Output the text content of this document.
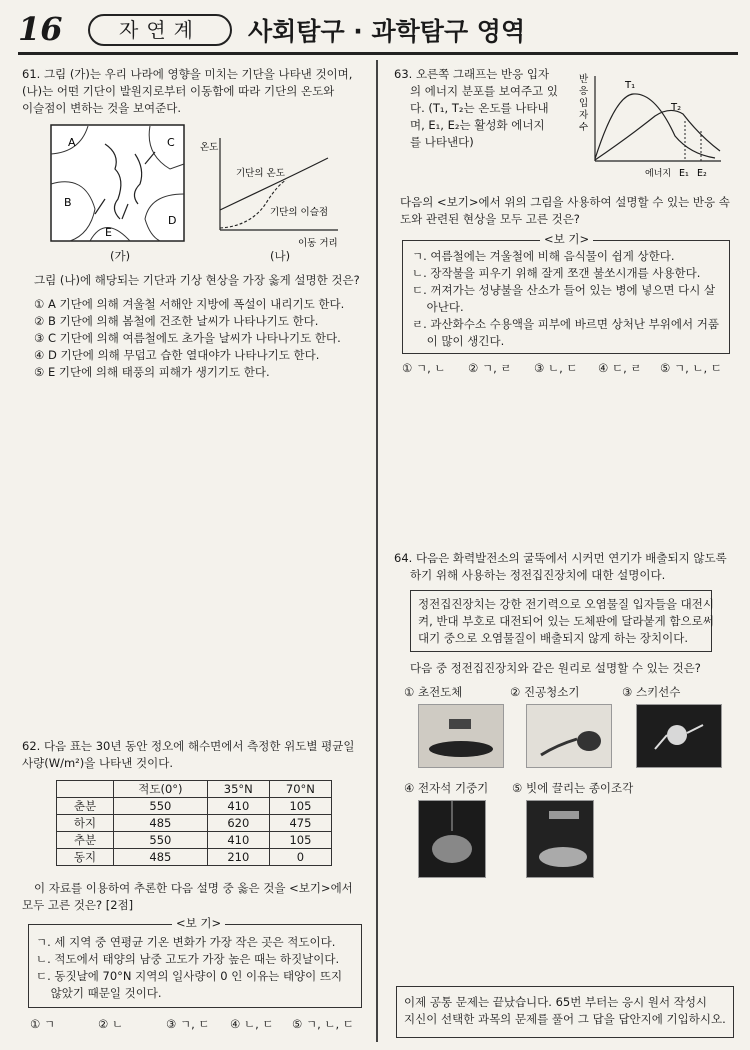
16	자연계	사회탐구 · 과학탐구 영역
61. 그림 (가)는 우리 나라에 영향을 미치는 기단을 나타낸 것이며,
(나)는 어떤 기단이 발원지로부터 이동함에 따라 기단의 온도와
이슬점이 변하는 것을 보여준다.
A
B
C
D
E
온도
기단의 온도
기단의 이슬점
이동 거리
(가)	(나)
그림 (나)에 해당되는 기단과 기상 현상을 가장 옳게 설명한 것은?
① A 기단에 의해 겨울철 서해안 지방에 폭설이 내리기도 한다.
② B 기단에 의해 봄철에 건조한 날씨가 나타나기도 한다.
③ C 기단에 의해 여름철에도 초가을 날씨가 나타나기도 한다.
④ D 기단에 의해 무덥고 습한 열대야가 나타나기도 한다.
⑤ E 기단에 의해 태풍의 피해가 생기기도 한다.
62. 다음 표는 30년 동안 정오에 해수면에서 측정한 위도별 평균일
사량(W/m²)을 나타낸 것이다.
	적도(0°)	35°N	70°N
춘분	550	410	105
하지	485	620	475
추분	550	410	105
동지	485	210	0
이 자료를 이용하여 추론한 다음 설명 중 옳은 것을 <보기>에서
모두 고른 것은? [2점]
<보 기>
ㄱ. 세 지역 중 연평균 기온 변화가 가장 작은 곳은 적도이다.
ㄴ. 적도에서 태양의 남중 고도가 가장 높은 때는 하짓날이다.
ㄷ. 동짓날에 70°N 지역의 일사량이 0 인 이유는 태양이 뜨지
않았기 때문일 것이다.
① ㄱ	② ㄴ	③ ㄱ, ㄷ ④ ㄴ, ㄷ ⑤ ㄱ, ㄴ, ㄷ
63. 오른쪽 그래프는 반응 입자
의 에너지 분포를 보여주고 있
다. (T₁, T₂는 온도를 나타내
며, E₁, E₂는 활성화 에너지
를 나타낸다)
반
응
입
자
수
T₁
T₂
에너지 E₁ E₂
다음의 <보기>에서 위의 그림을 사용하여 설명할 수 있는 반응 속
도와 관련된 현상을 모두 고른 것은?
<보 기>
ㄱ. 여름철에는 겨울철에 비해 음식물이 쉽게 상한다.
ㄴ. 장작불을 피우기 위해 잘게 쪼갠 불쏘시개를 사용한다.
ㄷ. 꺼져가는 성냥불을 산소가 들어 있는 병에 넣으면 다시 살
아난다.
ㄹ. 과산화수소 수용액을 피부에 바르면 상처난 부위에서 거품
이 많이 생긴다.
① ㄱ, ㄴ ② ㄱ, ㄹ ③ ㄴ, ㄷ ④ ㄷ, ㄹ ⑤ ㄱ, ㄴ, ㄷ
64. 다음은 화력발전소의 굴뚝에서 시커먼 연기가 배출되지 않도록
하기 위해 사용하는 정전집진장치에 대한 설명이다.
정전집진장치는 강한 전기력으로 오염물질 입자들을 대전시
켜, 반대 부호로 대전되어 있는 도체판에 달라붙게 함으로써
대기 중으로 오염물질이 배출되지 않게 하는 장치이다.
다음 중 정전집진장치와 같은 원리로 설명할 수 있는 것은?
① 초전도체	② 진공청소기	③ 스키선수
④ 전자석 기중기 ⑤ 빗에 끌리는 종이조각
이제 공통 문제는 끝났습니다. 65번 부터는 응시 원서 작성시
지신이 선택한 과목의 문제를 풀어 그 답을 답안지에 기입하시오.
